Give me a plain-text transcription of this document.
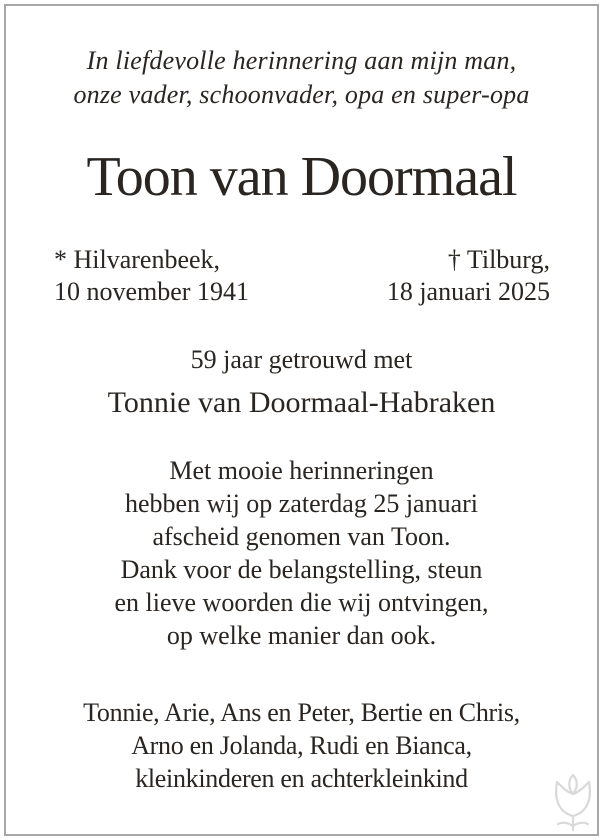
In liefdevolle herinnering aan mijn man,
onze vader, schoonvader, opa en super-opa

Toon van Doormaal
* Hilvarenbeek,
10 november 1941
† Tilburg,
18 januari 2025

59 jaar getrouwd met

Tonnie van Doormaal-Habraken

Met mooie herinneringen
hebben wij op zaterdag 25 januari
afscheid genomen van Toon.
Dank voor de belangstelling, steun
en lieve woorden die wij ontvingen,
op welke manier dan ook.

Tonnie, Arie, Ans en Peter, Bertie en Chris,
Arno en Jolanda, Rudi en Bianca,
kleinkinderen en achterkleinkind
